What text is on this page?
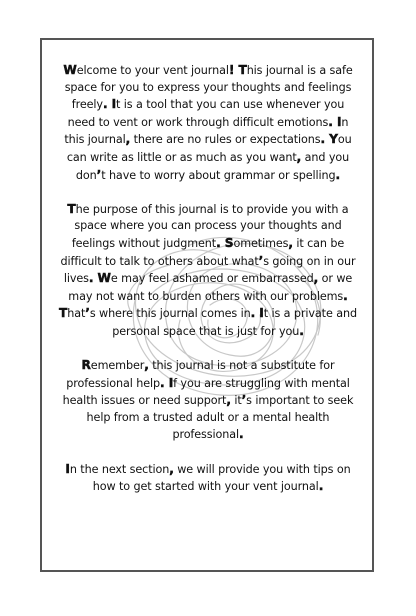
Welcome to your vent journal! This journal is a safe space for you to express your thoughts and feelings freely. It is a tool that you can use whenever you need to vent or work through difficult emotions. In this journal, there are no rules or expectations. You can write as little or as much as you want, and you don’t have to worry about grammar or spelling.

The purpose of this journal is to provide you with a space where you can process your thoughts and feelings without judgment. Sometimes, it can be difficult to talk to others about what’s going on in our lives. We may feel ashamed or embarrassed, or we may not want to burden others with our problems. That’s where this journal comes in. It is a private and personal space that is just for you.

Remember, this journal is not a substitute for professional help. If you are struggling with mental health issues or need support, it’s important to seek help from a trusted adult or a mental health professional.

In the next section, we will provide you with tips on how to get started with your vent journal.
